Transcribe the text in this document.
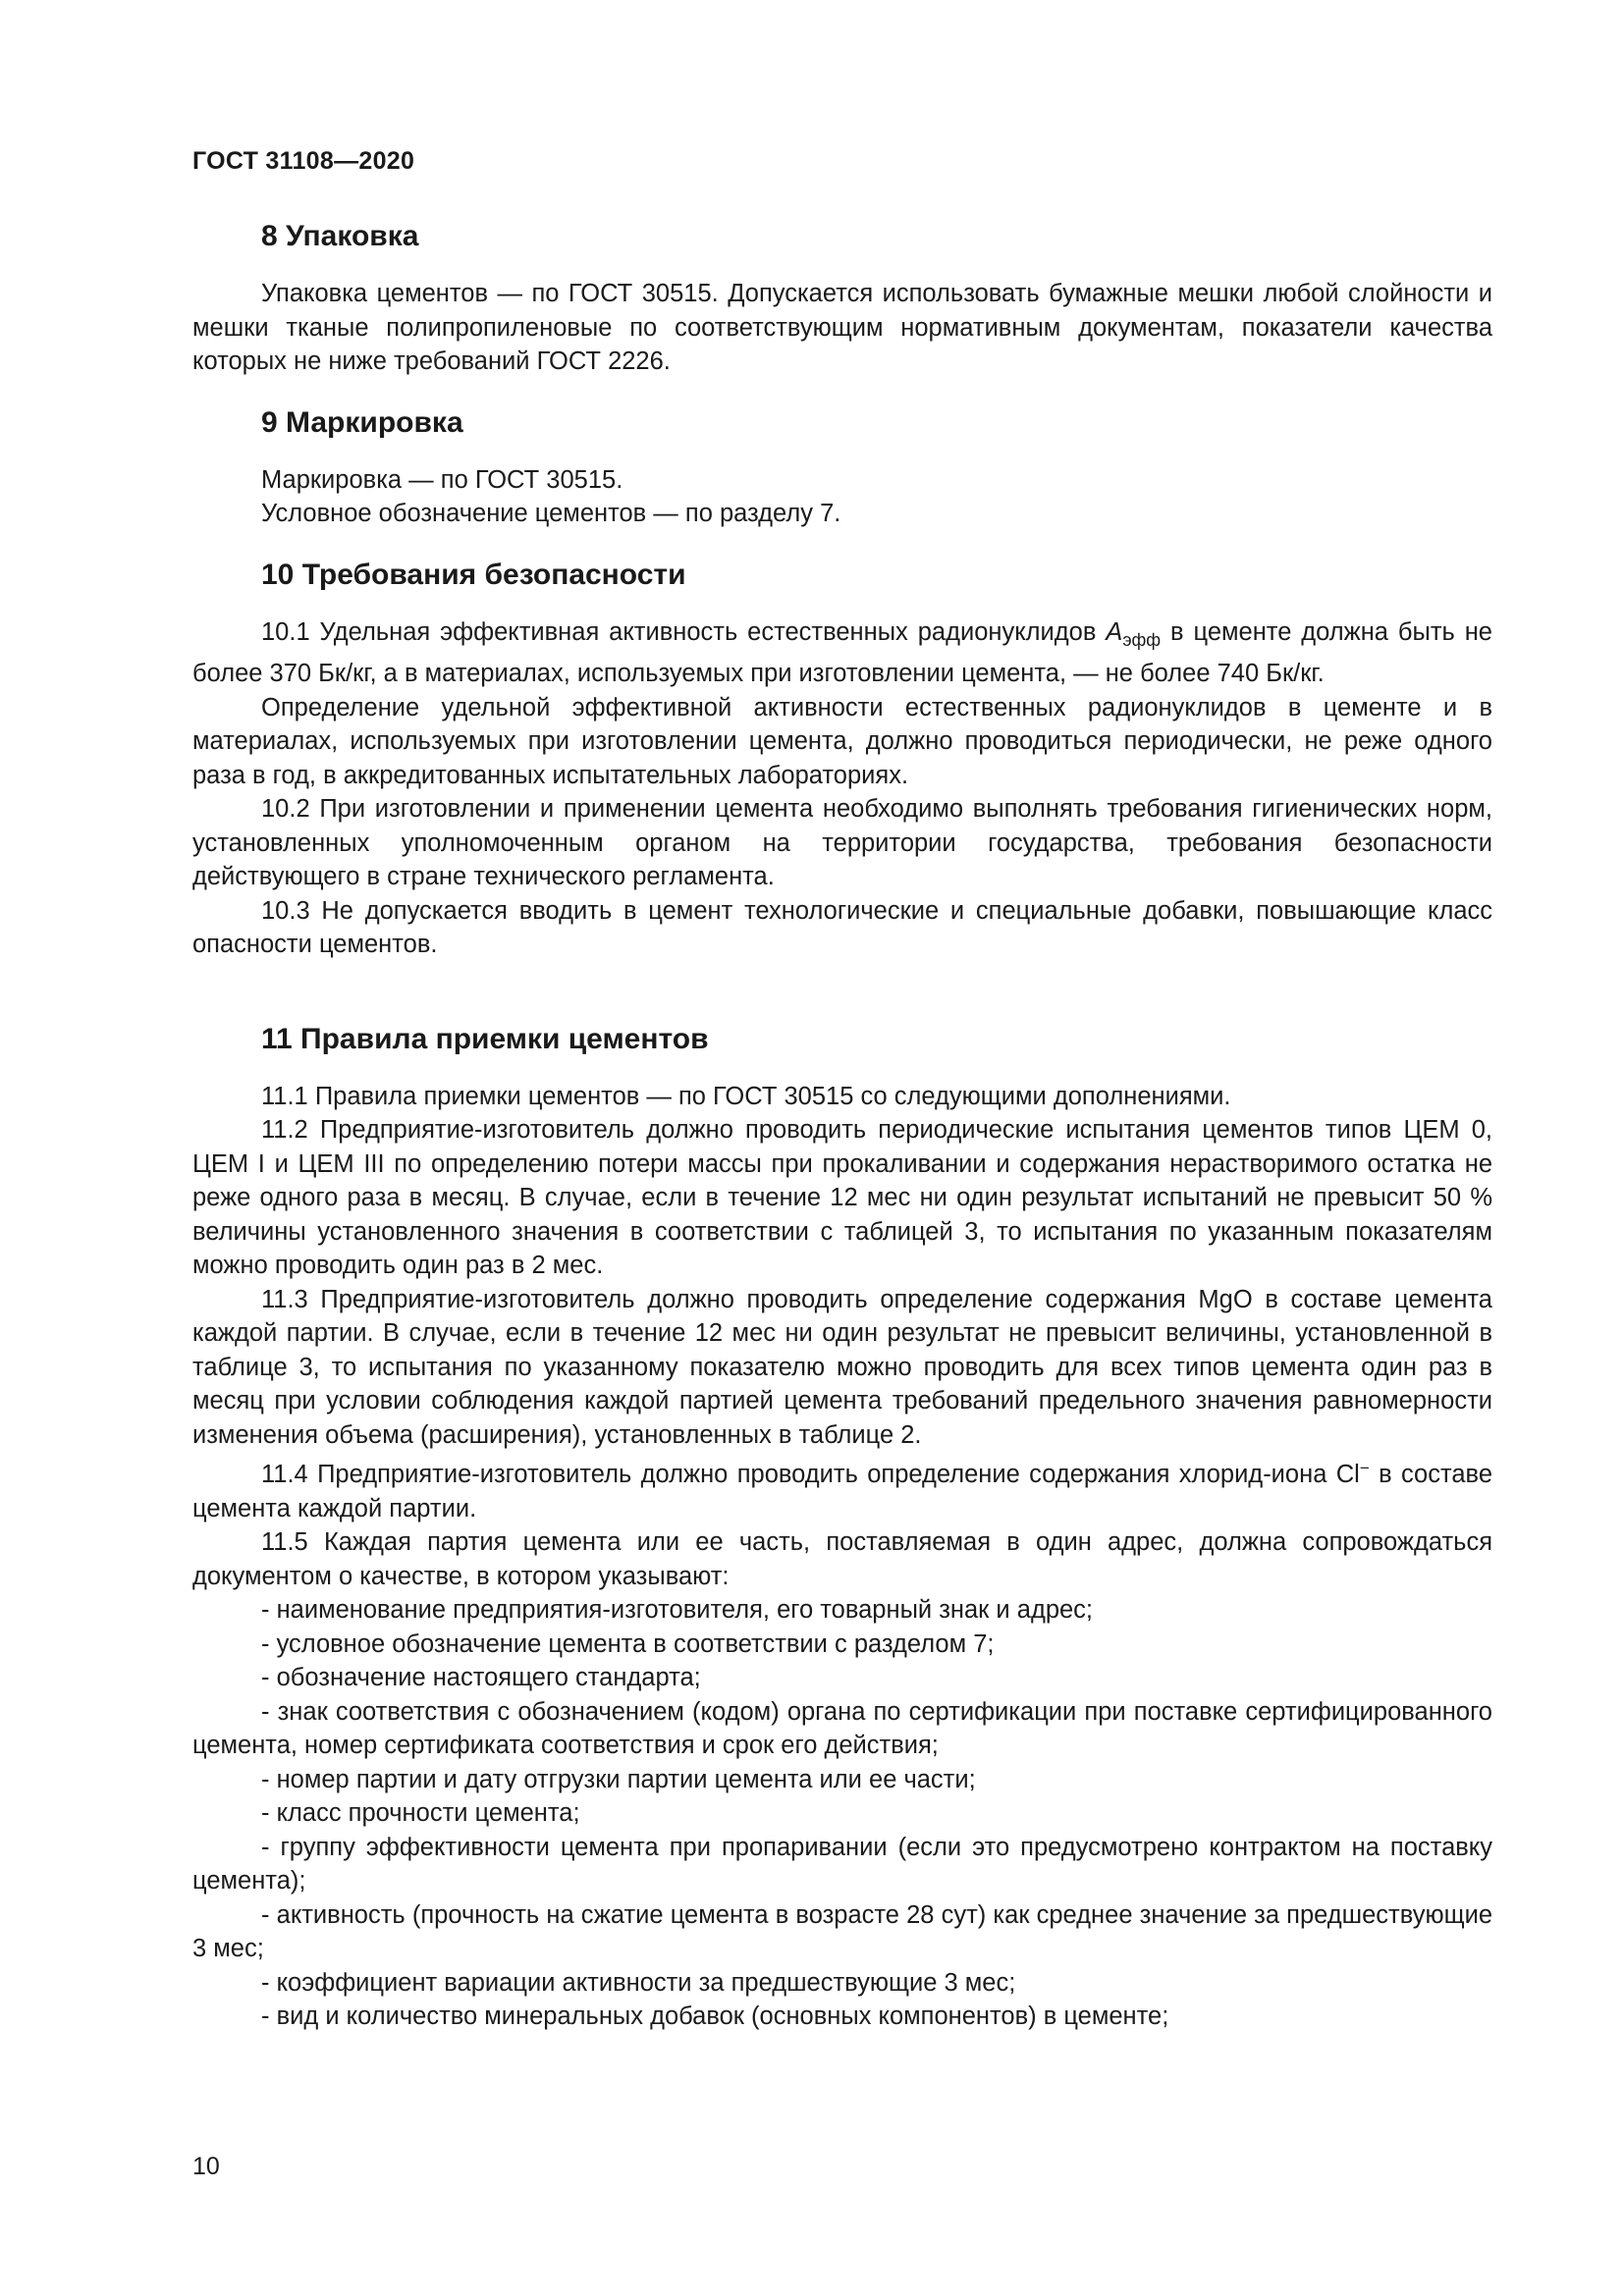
ГОСТ 31108—2020
8 Упаковка

Упаковка цементов — по ГОСТ 30515. Допускается использовать бумажные мешки любой слойности и мешки тканые полипропиленовые по соответствующим нормативным документам, показатели качества которых не ниже требований ГОСТ 2226.

9 Маркировка

Маркировка — по ГОСТ 30515.

Условное обозначение цементов — по разделу 7.

10 Требования безопасности

10.1 Удельная эффективная активность естественных радионуклидов $A_{эфф}$ в цементе должна быть не более 370 Бк/кг, а в материалах, используемых при изготовлении цемента, — не более 740 Бк/кг.

Определение удельной эффективной активности естественных радионуклидов в цементе и в материалах, используемых при изготовлении цемента, должно проводиться периодически, не реже одного раза в год, в аккредитованных испытательных лабораториях.

10.2 При изготовлении и применении цемента необходимо выполнять требования гигиенических норм, установленных уполномоченным органом на территории государства, требования безопасности действующего в стране технического регламента.

10.3 Не допускается вводить в цемент технологические и специальные добавки, повышающие класс опасности цементов.

11 Правила приемки цементов

11.1 Правила приемки цементов — по ГОСТ 30515 со следующими дополнениями.

11.2 Предприятие-изготовитель должно проводить периодические испытания цементов типов ЦЕМ 0, ЦЕМ I и ЦЕМ III по определению потери массы при прокаливании и содержания нерастворимого остатка не реже одного раза в месяц. В случае, если в течение 12 мес ни один результат испытаний не превысит 50 % величины установленного значения в соответствии с таблицей 3, то испытания по указанным показателям можно проводить один раз в 2 мес.

11.3 Предприятие-изготовитель должно проводить определение содержания MgO в составе цемента каждой партии. В случае, если в течение 12 мес ни один результат не превысит величины, установленной в таблице 3, то испытания по указанному показателю можно проводить для всех типов цемента один раз в месяц при условии соблюдения каждой партией цемента требований предельного значения равномерности изменения объема (расширения), установленных в таблице 2.

11.4 Предприятие-изготовитель должно проводить определение содержания хлорид-иона Cl− в составе цемента каждой партии.

11.5 Каждая партия цемента или ее часть, поставляемая в один адрес, должна сопровождаться документом о качестве, в котором указывают:

- наименование предприятия-изготовителя, его товарный знак и адрес;

- условное обозначение цемента в соответствии с разделом 7;

- обозначение настоящего стандарта;

- знак соответствия с обозначением (кодом) органа по сертификации при поставке сертифицированного цемента, номер сертификата соответствия и срок его действия;

- номер партии и дату отгрузки партии цемента или ее части;

- класс прочности цемента;

- группу эффективности цемента при пропаривании (если это предусмотрено контрактом на поставку цемента);

- активность (прочность на сжатие цемента в возрасте 28 сут) как среднее значение за предшествующие 3 мес;

- коэффициент вариации активности за предшествующие 3 мес;

- вид и количество минеральных добавок (основных компонентов) в цементе;

10
